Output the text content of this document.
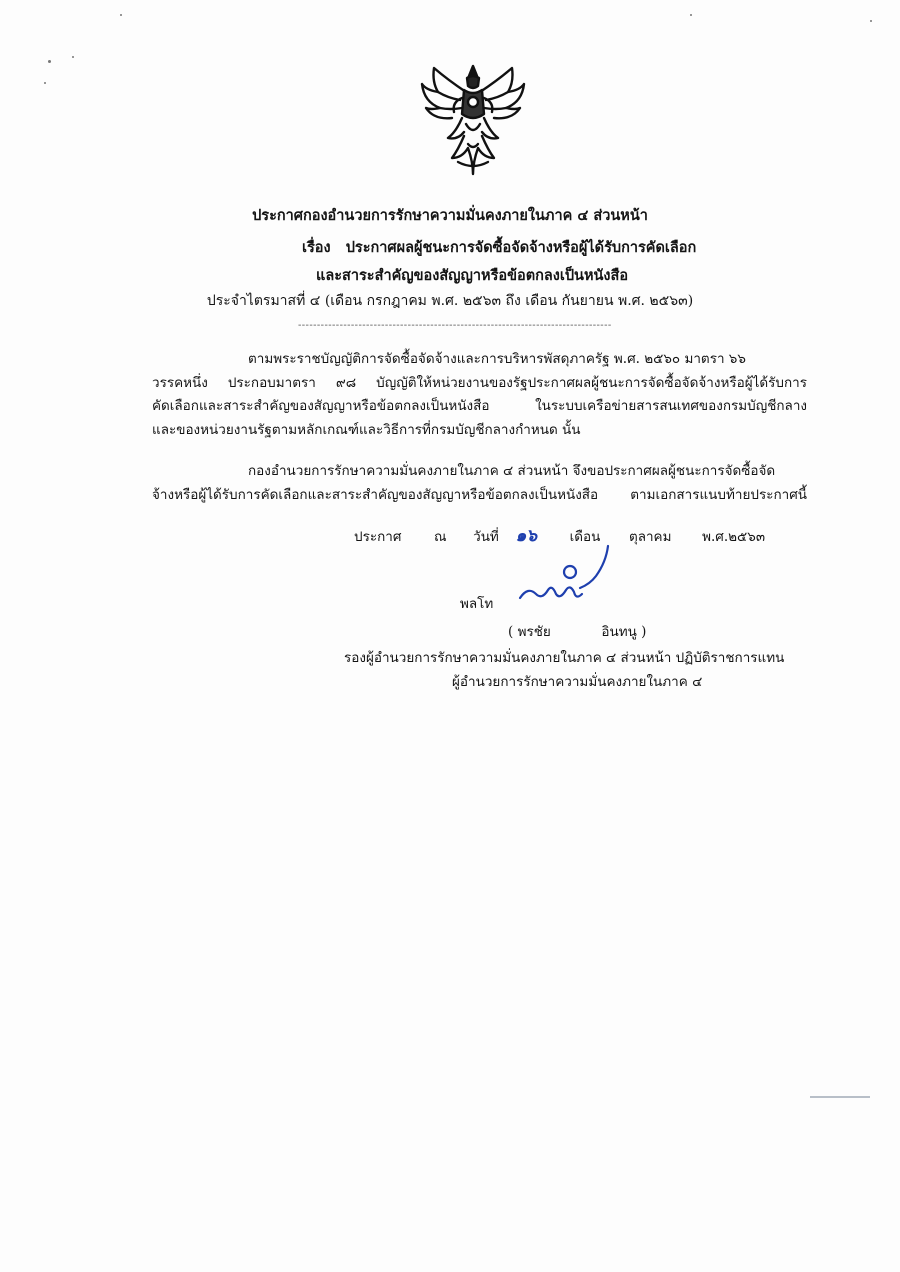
ประกาศกองอำนวยการรักษาความมั่นคงภายในภาค ๔ ส่วนหน้า
เรื่อง ประกาศผลผู้ชนะการจัดซื้อจัดจ้างหรือผู้ได้รับการคัดเลือก
และสาระสำคัญของสัญญาหรือข้อตกลงเป็นหนังสือ
ประจำไตรมาสที่ ๔ (เดือน กรกฎาคม พ.ศ. ๒๕๖๓ ถึง เดือน กันยายน พ.ศ. ๒๕๖๓)
-----------------------------------------------------------------------------------
ตามพระราชบัญญัติการจัดซื้อจัดจ้างและการบริหารพัสดุภาครัฐ พ.ศ. ๒๕๖๐ มาตรา ๖๖
วรรคหนึ่ง ประกอบมาตรา ๙๘ บัญญัติให้หน่วยงานของรัฐประกาศผลผู้ชนะการจัดซื้อจัดจ้างหรือผู้ได้รับการ
คัดเลือกและสาระสำคัญของสัญญาหรือข้อตกลงเป็นหนังสือ ในระบบเครือข่ายสารสนเทศของกรมบัญชีกลาง
และของหน่วยงานรัฐตามหลักเกณฑ์และวิธีการที่กรมบัญชีกลางกำหนด นั้น
กองอำนวยการรักษาความมั่นคงภายในภาค ๔ ส่วนหน้า จึงขอประกาศผลผู้ชนะการจัดซื้อจัด
จ้างหรือผู้ได้รับการคัดเลือกและสาระสำคัญของสัญญาหรือข้อตกลงเป็นหนังสือ ตามเอกสารแนบท้ายประกาศนี้
ประกาศ ณ วันที่ ๑๖ เดือน ตุลาคม พ.ศ.๒๕๖๓
พลโท
( พรชัย	อินทนู )
รองผู้อำนวยการรักษาความมั่นคงภายในภาค ๔ ส่วนหน้า ปฏิบัติราชการแทน
ผู้อำนวยการรักษาความมั่นคงภายในภาค ๔
